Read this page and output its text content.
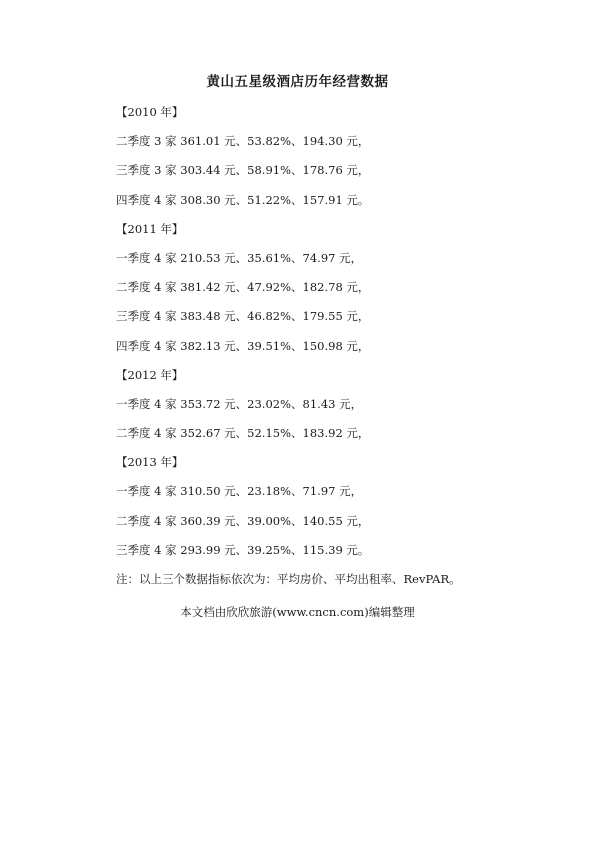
黄山五星级酒店历年经营数据
【2010 年】
二季度 3 家 361.01 元、53.82%、194.30 元，
三季度 3 家 303.44 元、58.91%、178.76 元，
四季度 4 家 308.30 元、51.22%、157.91 元。
【2011 年】
一季度 4 家 210.53 元、35.61%、74.97 元，
二季度 4 家 381.42 元、47.92%、182.78 元，
三季度 4 家 383.48 元、46.82%、179.55 元，
四季度 4 家 382.13 元、39.51%、150.98 元，
【2012 年】
一季度 4 家 353.72 元、23.02%、81.43 元，
二季度 4 家 352.67 元、52.15%、183.92 元，
【2013 年】
一季度 4 家 310.50 元、23.18%、71.97 元，
二季度 4 家 360.39 元、39.00%、140.55 元，
三季度 4 家 293.99 元、39.25%、115.39 元。
注：以上三个数据指标依次为：平均房价、平均出租率、RevPAR。
本文档由欣欣旅游(www.cncn.com)编辑整理
